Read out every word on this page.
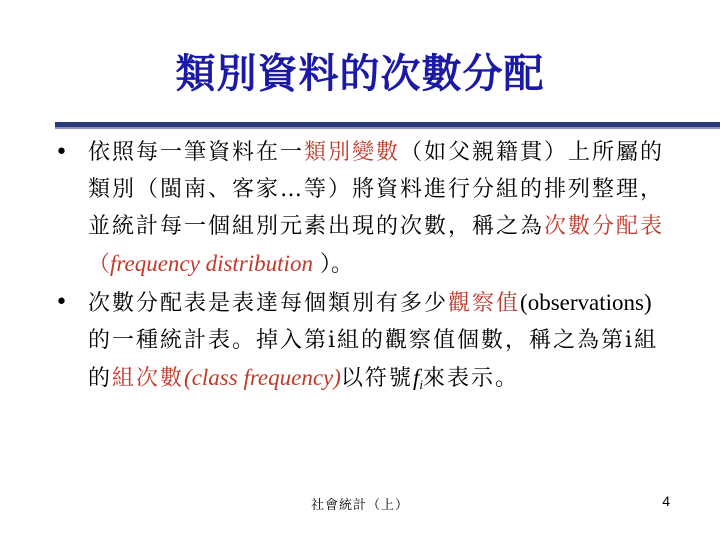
類別資料的次數分配

• 依照每一筆資料在一類別變數（如父親籍貫）上所屬的類別（閩南、客家…等）將資料進行分組的排列整理，並統計每一個組別元素出現的次數，稱之為次數分配表（frequency distribution ）。

• 次數分配表是表達每個類別有多少觀察值(observations) 的一種統計表。掉入第i組的觀察值個數，稱之為第i組的組次數(class frequency)以符號$f_i$來表示。

社會統計（上）	4
